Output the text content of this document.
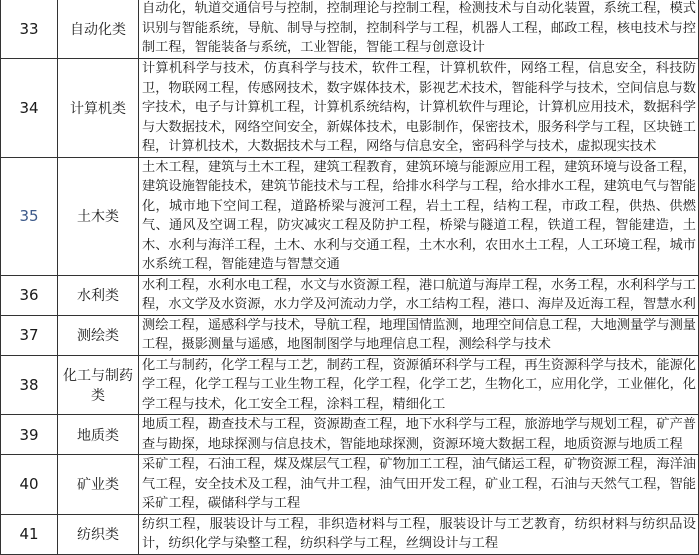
33	自动化类	自动化，轨道交通信号与控制，控制理论与控制工程，检测技术与自动化装置，系统工程，模式识别与智能系统，导航、制导与控制，控制科学与工程，机器人工程，邮政工程，核电技术与控制工程，智能装备与系统，工业智能，智能工程与创意设计
34	计算机类	计算机科学与技术，仿真科学与技术，软件工程，计算机软件，网络工程，信息安全，科技防卫，物联网工程，传感网技术，数字媒体技术，影视艺术技术，智能科学与技术，空间信息与数字技术，电子与计算机工程，计算机系统结构，计算机软件与理论，计算机应用技术，数据科学与大数据技术，网络空间安全，新媒体技术，电影制作，保密技术，服务科学与工程，区块链工程，计算机技术，大数据技术与工程，网络与信息安全，密码科学与技术，虚拟现实技术
35	土木类	土木工程，建筑与土木工程，建筑工程教育，建筑环境与能源应用工程，建筑环境与设备工程，建筑设施智能技术，建筑节能技术与工程，给排水科学与工程，给水排水工程，建筑电气与智能化，城市地下空间工程，道路桥梁与渡河工程，岩土工程，结构工程，市政工程，供热、供燃气、通风及空调工程，防灾减灾工程及防护工程，桥梁与隧道工程，铁道工程，智能建造，土木、水利与海洋工程，土木、水利与交通工程，土木水利，农田水土工程，人工环境工程，城市水系统工程，智能建造与智慧交通
36	水利类	水利工程，水利水电工程，水文与水资源工程，港口航道与海岸工程，水务工程，水利科学与工程，水文学及水资源，水力学及河流动力学，水工结构工程，港口、海岸及近海工程，智慧水利
37	测绘类	测绘工程，遥感科学与技术，导航工程，地理国情监测，地理空间信息工程，大地测量学与测量工程，摄影测量与遥感，地图制图学与地理信息工程，测绘科学与技术
38	化工与制药类	化工与制药，化学工程与工艺，制药工程，资源循环科学与工程，再生资源科学与技术，能源化学工程，化学工程与工业生物工程，化学工程，化学工艺，生物化工，应用化学，工业催化，化学工程与技术，化工安全工程，涂料工程，精细化工
39	地质类	地质工程，勘查技术与工程，资源勘查工程，地下水科学与工程，旅游地学与规划工程，矿产普查与勘探，地球探测与信息技术，智能地球探测，资源环境大数据工程，地质资源与地质工程
40	矿业类	采矿工程，石油工程，煤及煤层气工程，矿物加工工程，油气储运工程，矿物资源工程，海洋油气工程，安全技术及工程，油气井工程，油气田开发工程，矿业工程，石油与天然气工程，智能采矿工程，碳储科学与工程
41	纺织类	纺织工程，服装设计与工程，非织造材料与工程，服装设计与工艺教育，纺织材料与纺织品设计，纺织化学与染整工程，纺织科学与工程，丝绸设计与工程
